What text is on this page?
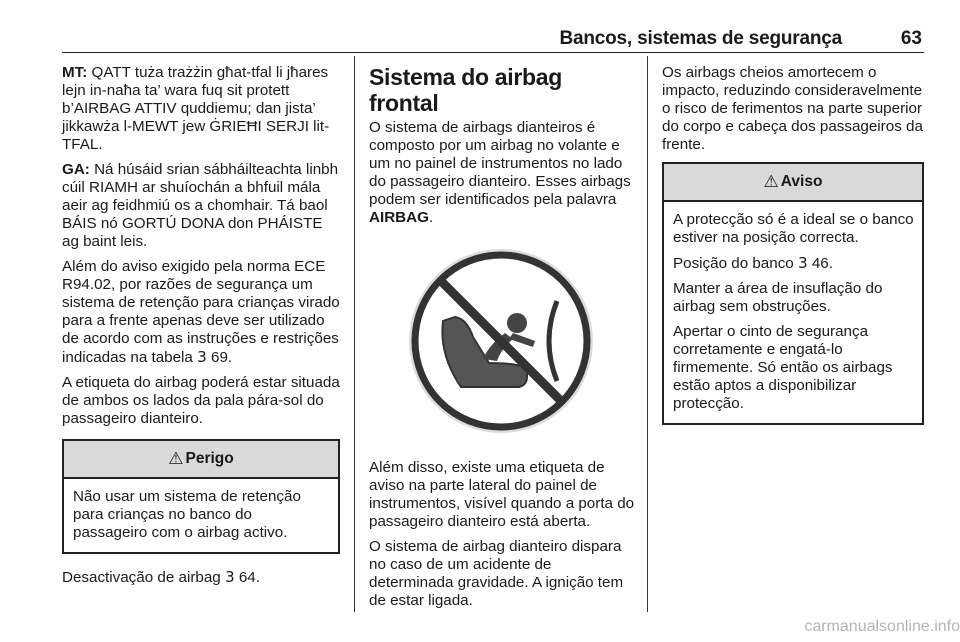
Bancos, sistemas de segurança	63

MT: QATT tuża trażżin għat-tfal li jħares lejn in-naħa ta’ wara fuq sit protett b’AIRBAG ATTIV quddiemu; dan jista’ jikkawża l-MEWT jew ĠRIEĦI SERJI lit-TFAL.

GA: Ná húsáid srian sábháilteachta linbh cúil RIAMH ar shuíochán a bhfuil mála aeir ag feidhmiú os a chomhair. Tá baol BÁIS nó GORTÚ DONA don PHÁISTE ag baint leis.

Além do aviso exigido pela norma ECE R94.02, por razões de segurança um sistema de retenção para crianças virado para a frente apenas deve ser utilizado de acordo com as instruções e restrições indicadas na tabela 3 69.

A etiqueta do airbag poderá estar situada de ambos os lados da pala pára-sol do passageiro dianteiro.

⚠ Perigo

Não usar um sistema de retenção para crianças no banco do passageiro com o airbag activo.

Desactivação de airbag 3 64.

Sistema do airbag frontal

O sistema de airbags dianteiros é composto por um airbag no volante e um no painel de instrumentos no lado do passageiro dianteiro. Esses airbags podem ser identificados pela palavra AIRBAG.

Além disso, existe uma etiqueta de aviso na parte lateral do painel de instrumentos, visível quando a porta do passageiro dianteiro está aberta.

O sistema de airbag dianteiro dispara no caso de um acidente de determinada gravidade. A ignição tem de estar ligada.

Os airbags cheios amortecem o impacto, reduzindo consideravelmente o risco de ferimentos na parte superior do corpo e cabeça dos passageiros da frente.

⚠ Aviso

A protecção só é a ideal se o banco estiver na posição correcta.

Posição do banco 3 46.

Manter a área de insuflação do airbag sem obstruções.

Apertar o cinto de segurança corretamente e engatá-lo firmemente. Só então os airbags estão aptos a disponibilizar protecção.

carmanualsonline.info
